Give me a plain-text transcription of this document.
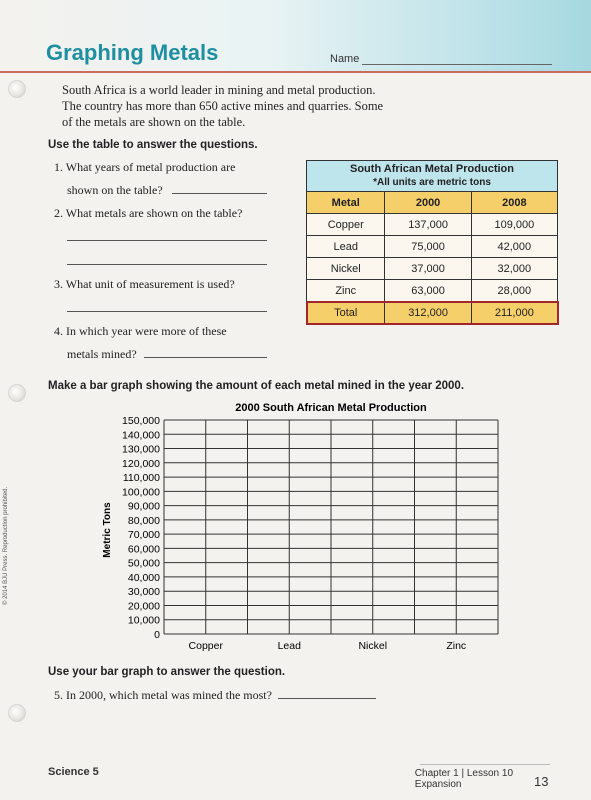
Graphing Metals	Name
South Africa is a world leader in mining and metal production. The country has more than 650 active mines and quarries. Some of the metals are shown on the table.
Use the table to answer the questions.
1. What years of metal production are
shown on the table?
2. What metals are shown on the table?
3. What unit of measurement is used?
4. In which year were more of these
metals mined?
South African Metal Production
*All units are metric tons		

Metal	2000	2008
Copper	137,000	109,000
Lead	75,000	42,000
Nickel	37,000	32,000
Zinc	63,000	28,000
Total	312,000	211,000
Make a bar graph showing the amount of each metal mined in the year 2000.
2000 South African Metal Production
Metric Tons
150,000
140,000
130,000
120,000
110,000
100,000
90,000
80,000
70,000
60,000
50,000
40,000
30,000
20,000
10,000
0
Copper	Lead	Nickel	Zinc
Use your bar graph to answer the question.
5. In 2000, which metal was mined the most?
© 2014 BJU Press. Reproduction prohibited.
Science 5	Chapter 1 | Lesson 10
Expansion	13
